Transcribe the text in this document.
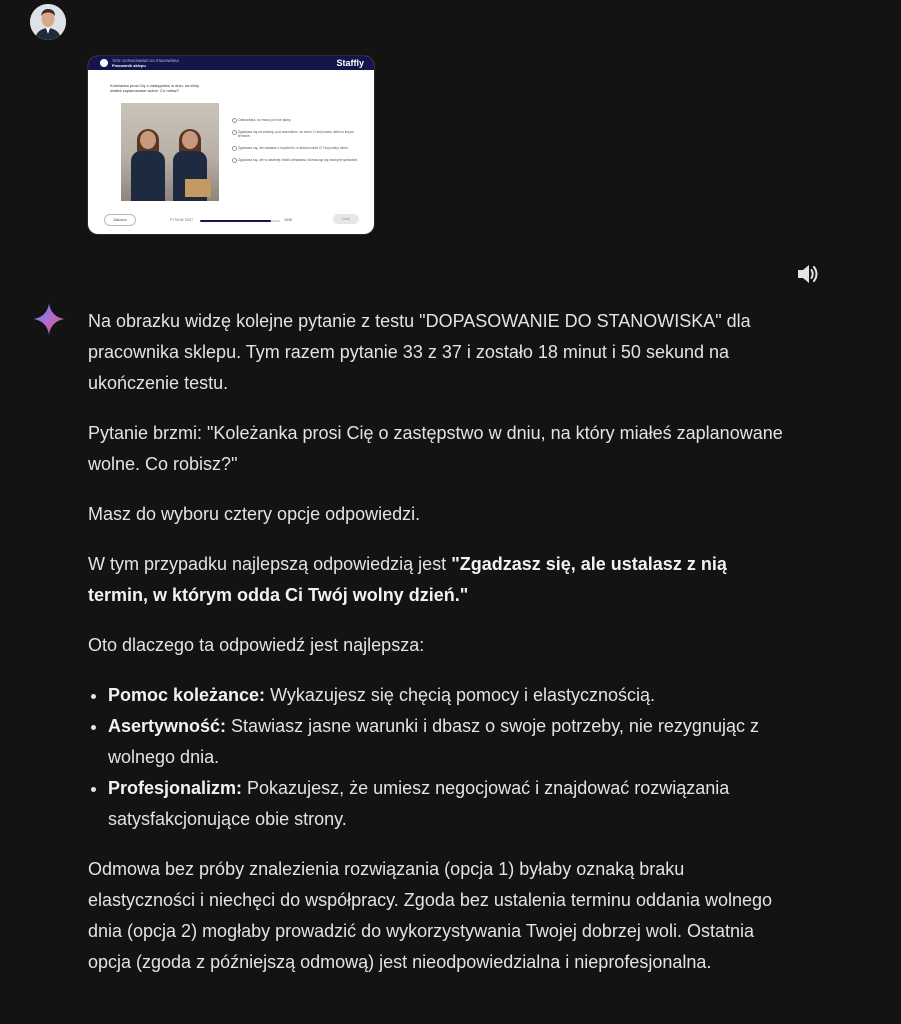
TEST: DOPASOWANIE DO STANOWISKA
Pracownik sklepu	Staffly
Koleżanka prosi Cię o zastępstwo w dniu, na który miałeś zaplanowane wolne. Co robisz?
Odmawiasz, bo masz już inne plany.
Zgadzasz się na zmianę, pod warunkiem, że wróci Ci twój wolny dzień w innym terminie.
Zgadzasz się, ale ustalasz z nią termin, w którym odda Ci Twój wolny dzień.
Zgadzasz się, ale w ostatniej chwili odmawiasz, tłumacząc się ważnymi sprawami.
Zakończ	PYTANIE 33/37	18:50	Dalej

Na obrazku widzę kolejne pytanie z testu "DOPASOWANIE DO STANOWISKA" dla pracownika sklepu. Tym razem pytanie 33 z 37 i zostało 18 minut i 50 sekund na ukończenie testu.

Pytanie brzmi: "Koleżanka prosi Cię o zastępstwo w dniu, na który miałeś zaplanowane wolne. Co robisz?"

Masz do wyboru cztery opcje odpowiedzi.

W tym przypadku najlepszą odpowiedzią jest "Zgadzasz się, ale ustalasz z nią termin, w którym odda Ci Twój wolny dzień."

Oto dlaczego ta odpowiedź jest najlepsza:

• Pomoc koleżance: Wykazujesz się chęcią pomocy i elastycznością.
• Asertywność: Stawiasz jasne warunki i dbasz o swoje potrzeby, nie rezygnując z wolnego dnia.
• Profesjonalizm: Pokazujesz, że umiesz negocjować i znajdować rozwiązania satysfakcjonujące obie strony.

Odmowa bez próby znalezienia rozwiązania (opcja 1) byłaby oznaką braku elastyczności i niechęci do współpracy. Zgoda bez ustalenia terminu oddania wolnego dnia (opcja 2) mogłaby prowadzić do wykorzystywania Twojej dobrzej woli. Ostatnia opcja (zgoda z późniejszą odmową) jest nieodpowiedzialna i nieprofesjonalna.
